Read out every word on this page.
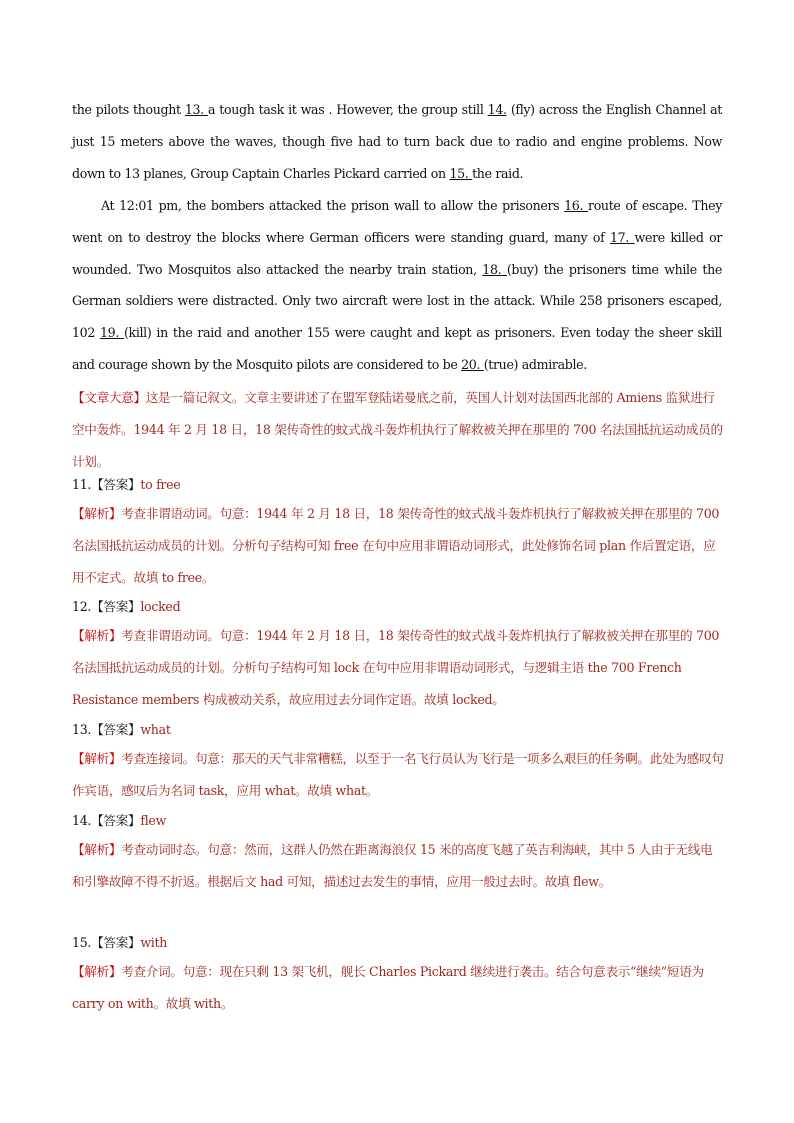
the pilots thought 13. a tough task it was . However, the group still 14. (fly) across the English Channel at just 15 meters above the waves, though five had to turn back due to radio and engine problems. Now down to 13 planes, Group Captain Charles Pickard carried on 15. the raid.
At 12:01 pm, the bombers attacked the prison wall to allow the prisoners 16. route of escape. They went on to destroy the blocks where German officers were standing guard, many of 17. were killed or wounded. Two Mosquitos also attacked the nearby train station, 18. (buy) the prisoners time while the German soldiers were distracted. Only two aircraft were lost in the attack. While 258 prisoners escaped, 102 19. (kill) in the raid and another 155 were caught and kept as prisoners. Even today the sheer skill and courage shown by the Mosquito pilots are considered to be 20. (true) admirable.
【文章大意】这是一篇记叙文。文章主要讲述了在盟军登陆诺曼底之前，英国人计划对法国西北部的 Amiens 监狱进行空中轰炸。1944 年 2 月 18 日，18 架传奇性的蚊式战斗轰炸机执行了解救被关押在那里的 700 名法国抵抗运动成员的计划。
11.【答案】to free
【解析】考查非谓语动词。句意：1944 年 2 月 18 日，18 架传奇性的蚊式战斗轰炸机执行了解救被关押在那里的 700 名法国抵抗运动成员的计划。分析句子结构可知 free 在句中应用非谓语动词形式，此处修饰名词 plan 作后置定语，应用不定式。故填 to free。
12.【答案】locked
【解析】考查非谓语动词。句意：1944 年 2 月 18 日，18 架传奇性的蚊式战斗轰炸机执行了解救被关押在那里的 700 名法国抵抗运动成员的计划。分析句子结构可知 lock 在句中应用非谓语动词形式，与逻辑主语 the 700 French Resistance members 构成被动关系，故应用过去分词作定语。故填 locked。
13.【答案】what
【解析】考查连接词。句意：那天的天气非常糟糕，以至于一名飞行员认为飞行是一项多么艰巨的任务啊。此处为感叹句作宾语，感叹后为名词 task，应用 what。故填 what。
14.【答案】flew
【解析】考查动词时态。句意：然而，这群人仍然在距离海浪仅 15 米的高度飞越了英吉利海峡，其中 5 人由于无线电和引擎故障不得不折返。根据后文 had 可知，描述过去发生的事情，应用一般过去时。故填 flew。
15.【答案】with
【解析】考查介词。句意：现在只剩 13 架飞机，舰长 Charles Pickard 继续进行袭击。结合句意表示“继续”短语为 carry on with。故填 with。
